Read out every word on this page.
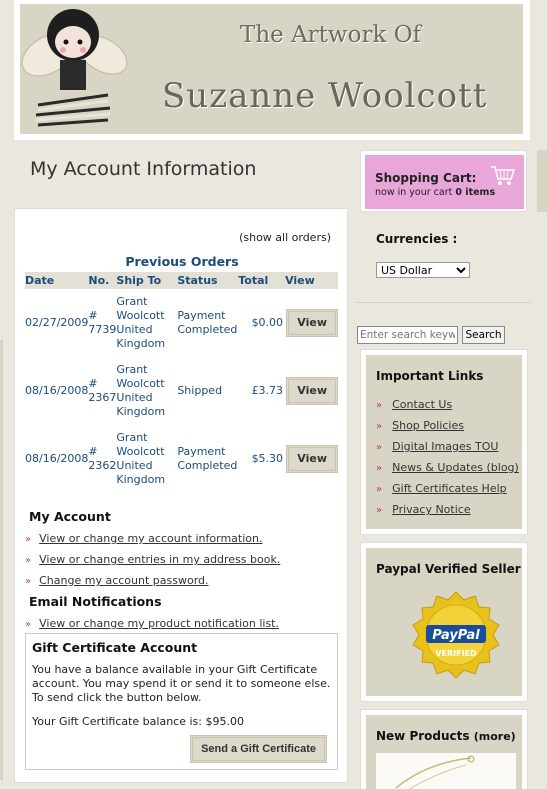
The Artwork Of
Suzanne Woolcott
My Account Information
(show all orders)
Previous Orders
Date	No.	Ship To	Status	Total	View
02/27/2009	# 7739	Grant Woolcott United Kingdom	Payment Completed	$0.00	View
08/16/2008	# 2367	Grant Woolcott United Kingdom	Shipped	£3.73	View
08/16/2008	# 2362	Grant Woolcott United Kingdom	Payment Completed	$5.30	View
My Account
» View or change my account information.
» View or change entries in my address book.
» Change my account password.
Email Notifications
» View or change my product notification list.
Gift Certificate Account
You have a balance available in your Gift Certificate account. You may spend it or send it to someone else. To send click the button below.
Your Gift Certificate balance is: $95.00
Send a Gift Certificate
Shopping Cart:
now in your cart 0 items
Currencies :
US Dollar
Enter search keywords
Search
Important Links
» Contact Us
» Shop Policies
» Digital Images TOU
» News & Updates (blog)
» Gift Certificates Help
» Privacy Notice
Paypal Verified Seller
PayPal
VERIFIED
New Products (more)
